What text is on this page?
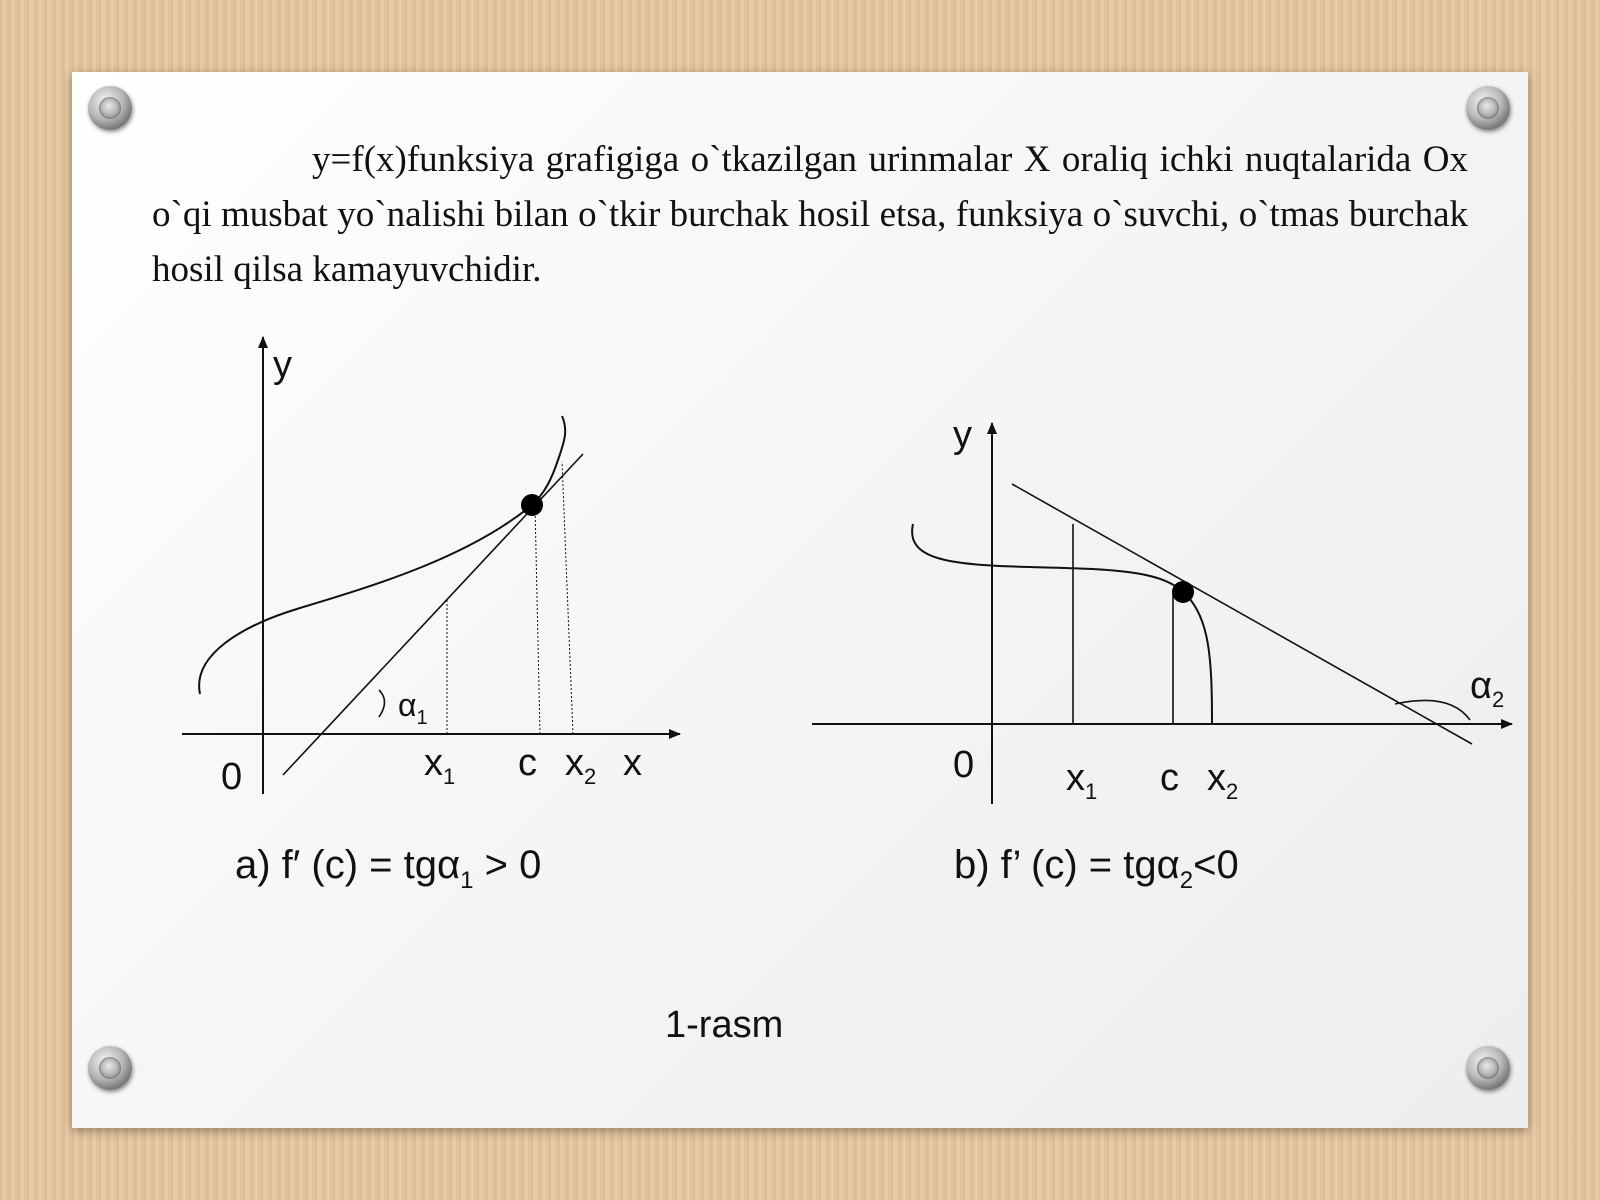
y=f(x)funksiya grafigiga o`tkazilgan urinmalar X oraliq ichki nuqtalarida Ox o`qi musbat yo`nalishi bilan o`tkir burchak hosil etsa, funksiya o`suvchi, o`tmas burchak hosil qilsa kamayuvchidir.
y
x
0	$x_1$ c $x_2$
$\alpha_1$
a) f′ (c) = tgα$_1$ > 0
y
0 $x_1$ c $x_2$
$\alpha_2$
b) f’ (c) = tgα$_2$<0
1-rasm
